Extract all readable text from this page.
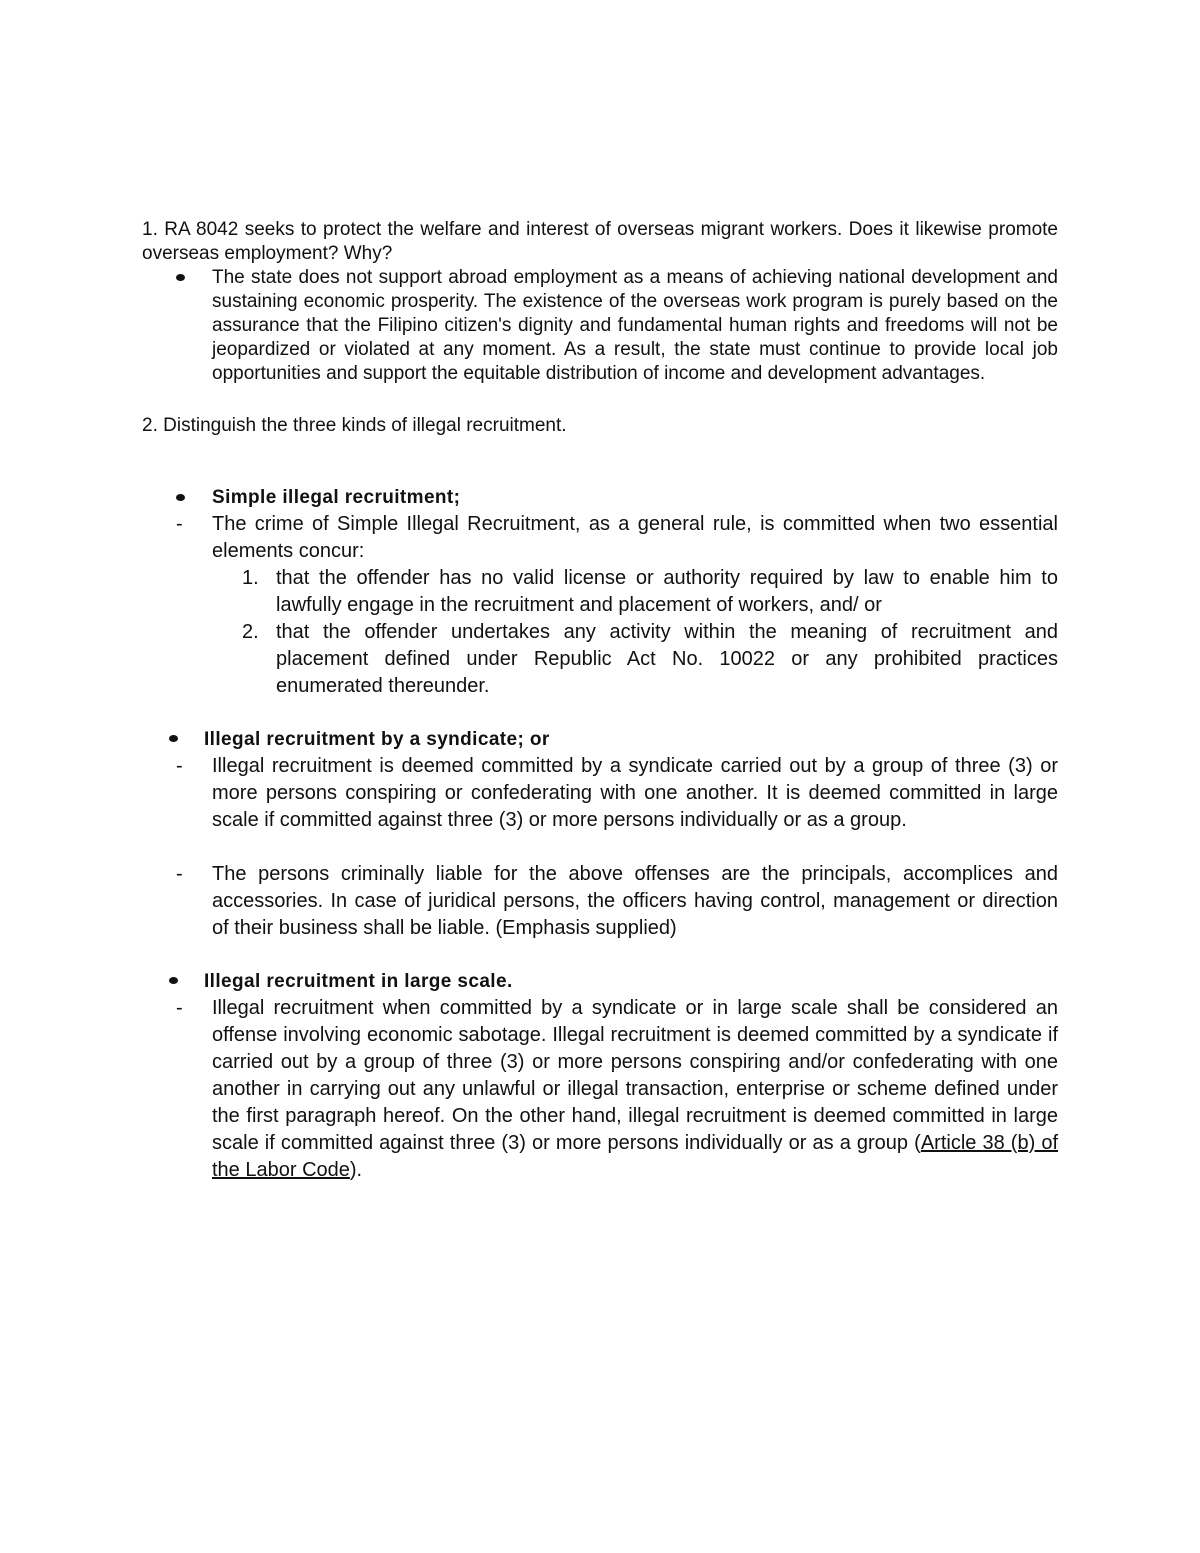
1. RA 8042 seeks to protect the welfare and interest of overseas migrant workers. Does it likewise promote overseas employment? Why?

The state does not support abroad employment as a means of achieving national development and sustaining economic prosperity. The existence of the overseas work program is purely based on the assurance that the Filipino citizen's dignity and fundamental human rights and freedoms will not be jeopardized or violated at any moment. As a result, the state must continue to provide local job opportunities and support the equitable distribution of income and development advantages.

2. Distinguish the three kinds of illegal recruitment.

Simple illegal recruitment;

- The crime of Simple Illegal Recruitment, as a general rule, is committed when two essential elements concur:

1. that the offender has no valid license or authority required by law to enable him to lawfully engage in the recruitment and placement of workers, and/ or

2. that the offender undertakes any activity within the meaning of recruitment and placement defined under Republic Act No. 10022 or any prohibited practices enumerated thereunder.

Illegal recruitment by a syndicate; or

- Illegal recruitment is deemed committed by a syndicate carried out by a group of three (3) or more persons conspiring or confederating with one another. It is deemed committed in large scale if committed against three (3) or more persons individually or as a group.

- The persons criminally liable for the above offenses are the principals, accomplices and accessories. In case of juridical persons, the officers having control, management or direction of their business shall be liable. (Emphasis supplied)

Illegal recruitment in large scale.

- Illegal recruitment when committed by a syndicate or in large scale shall be considered an offense involving economic sabotage. Illegal recruitment is deemed committed by a syndicate if carried out by a group of three (3) or more persons conspiring and/or confederating with one another in carrying out any unlawful or illegal transaction, enterprise or scheme defined under the first paragraph hereof. On the other hand, illegal recruitment is deemed committed in large scale if committed against three (3) or more persons individually or as a group (Article 38 (b) of the Labor Code).
